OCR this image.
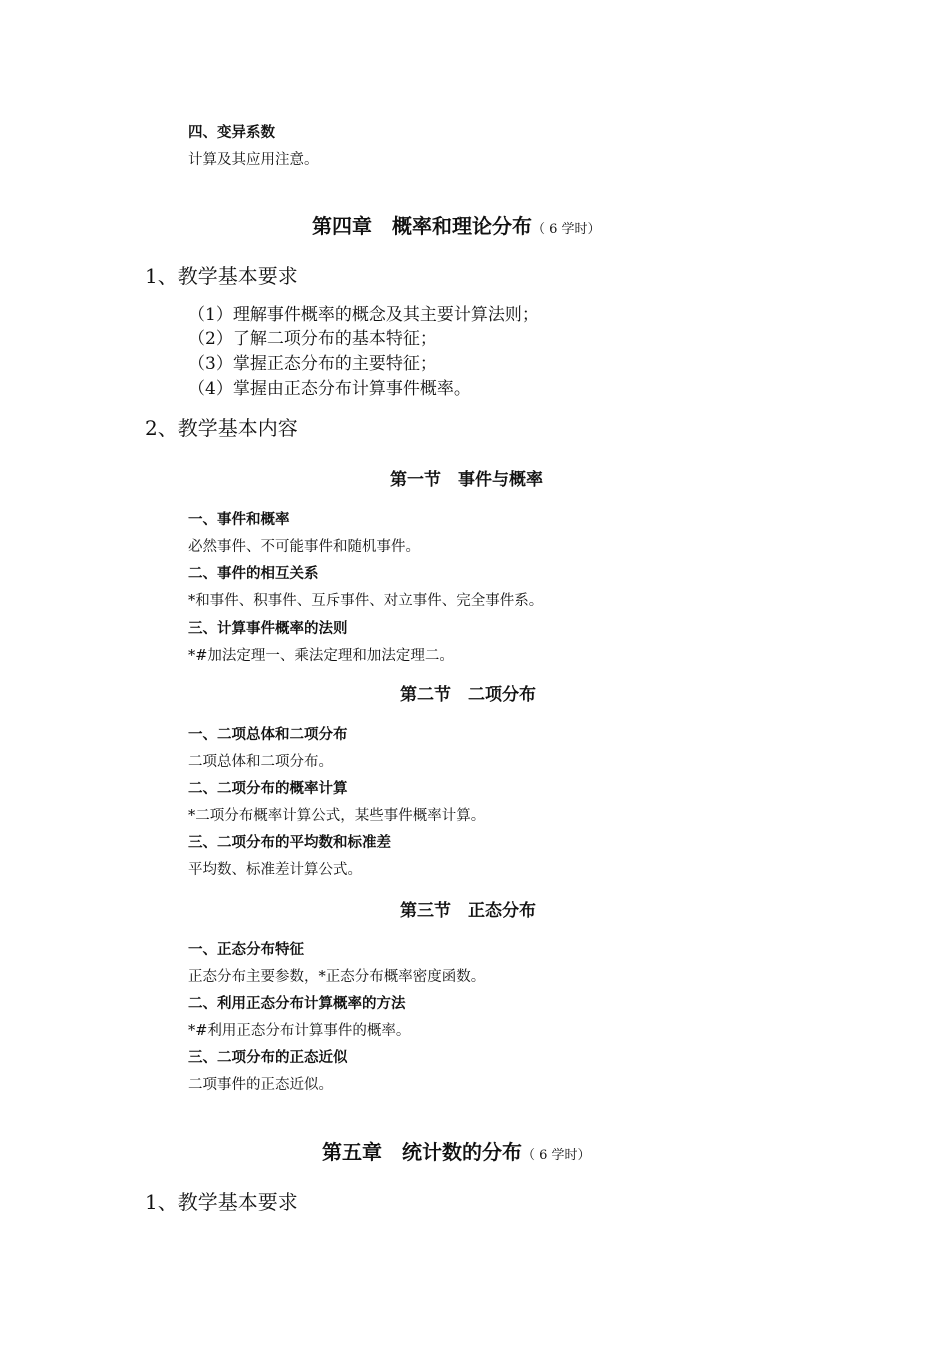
四、变异系数
计算及其应用注意。
第四章　概率和理论分布（ 6 学时）
1、教学基本要求
（1）理解事件概率的概念及其主要计算法则；
（2）了解二项分布的基本特征；
（3）掌握正态分布的主要特征；
（4）掌握由正态分布计算事件概率。
2、教学基本内容
第一节　事件与概率
一、事件和概率
必然事件、不可能事件和随机事件。
二、事件的相互关系
*和事件、积事件、互斥事件、对立事件、完全事件系。
三、计算事件概率的法则
*#加法定理一、乘法定理和加法定理二。
第二节　二项分布
一、二项总体和二项分布
二项总体和二项分布。
二、二项分布的概率计算
*二项分布概率计算公式，某些事件概率计算。
三、二项分布的平均数和标准差
平均数、标准差计算公式。
第三节　正态分布
一、正态分布特征
正态分布主要参数，*正态分布概率密度函数。
二、利用正态分布计算概率的方法
*#利用正态分布计算事件的概率。
三、二项分布的正态近似
二项事件的正态近似。
第五章　统计数的分布（ 6 学时）
1、教学基本要求
